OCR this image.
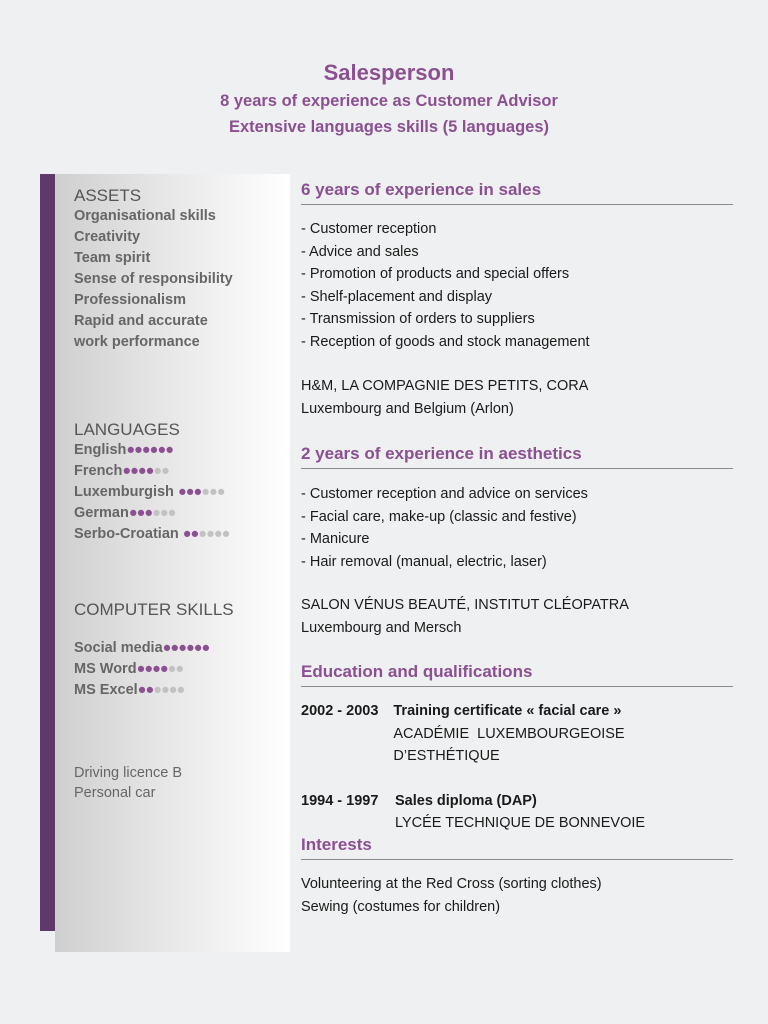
Salesperson
8 years of experience as Customer Advisor
Extensive languages skills (5 languages)
ASSETS
Organisational skills
Creativity
Team spirit
Sense of responsibility
Professionalism
Rapid and accurate
work performance
LANGUAGES
English●●●●●●
French●●●●●●
Luxemburgish ●●●●●●
German●●●●●●
Serbo-Croatian ●●●●●●
COMPUTER SKILLS
Social media●●●●●●
MS Word●●●●●●
MS Excel●●●●●●
Driving licence B
Personal car
6 years of experience in sales
- Customer reception
- Advice and sales
- Promotion of products and special offers
- Shelf-placement and display
- Transmission of orders to suppliers
- Reception of goods and stock management
H&M, LA COMPAGNIE DES PETITS, CORA
Luxembourg and Belgium (Arlon)
2 years of experience in aesthetics
- Customer reception and advice on services
- Facial care, make-up (classic and festive)
- Manicure
- Hair removal (manual, electric, laser)
SALON VÉNUS BEAUTÉ, INSTITUT CLÉOPATRA
Luxembourg and Mersch
Education and qualifications
2002 - 2003	Training certificate « facial care »
ACADÉMIE LUXEMBOURGEOISE D’ESTHÉTIQUE
1994 - 1997	Sales diploma (DAP)
LYCÉE TECHNIQUE DE BONNEVOIE
Interests
Volunteering at the Red Cross (sorting clothes)
Sewing (costumes for children)
